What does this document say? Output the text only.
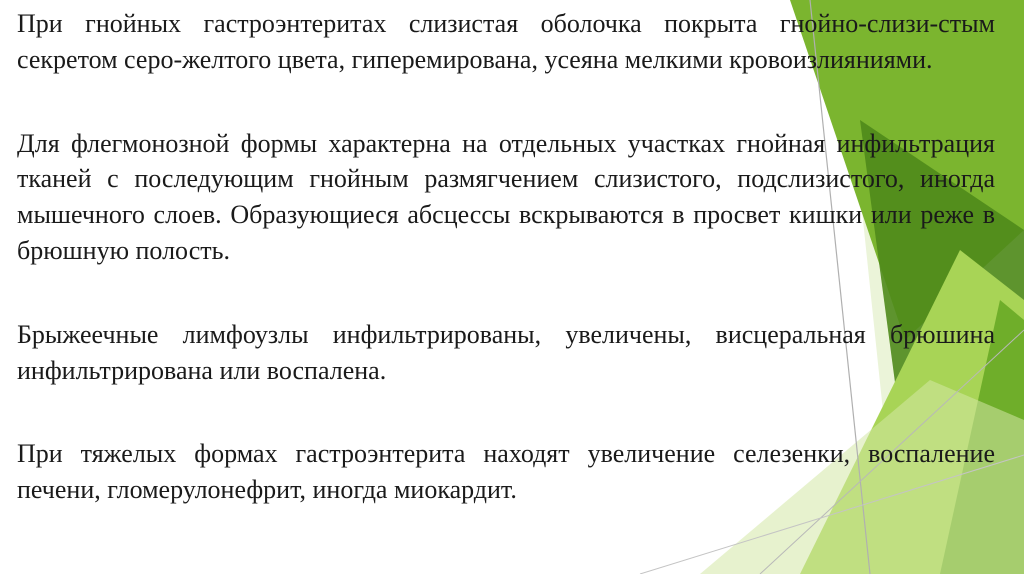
При гнойных гастроэнтеритах слизистая оболочка покрыта гнойно-слизи-стым секретом серо-желтого цвета, гиперемирована, усеяна мелкими кровоизлияниями.

Для флегмонозной формы характерна на отдельных участках гнойная инфильтрация тканей с последующим гнойным размягчением слизистого, подслизистого, иногда мышечного слоев. Образующиеся абсцессы вскрываются в просвет кишки или реже в брюшную полость.

Брыжеечные лимфоузлы инфильтрированы, увеличены, висцеральная брюшина инфильтрирована или воспалена.

При тяжелых формах гастроэнтерита находят увеличение селезенки, воспаление печени, гломерулонефрит, иногда миокардит.
